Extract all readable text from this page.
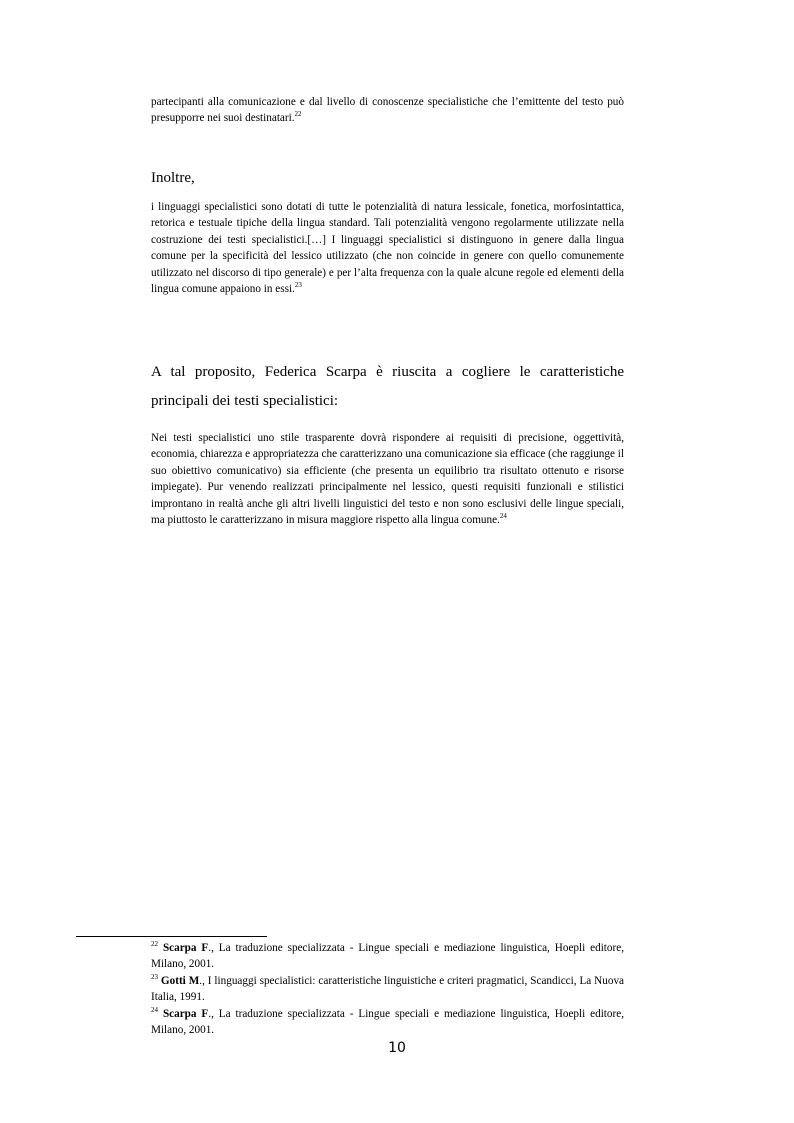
partecipanti alla comunicazione e dal livello di conoscenze specialistiche che l’emittente del testo può presupporre nei suoi destinatari.$^{22}$

Inoltre,

i linguaggi specialistici sono dotati di tutte le potenzialità di natura lessicale, fonetica, morfosintattica, retorica e testuale tipiche della lingua standard. Tali potenzialità vengono regolarmente utilizzate nella costruzione dei testi specialistici.[…] I linguaggi specialistici si distinguono in genere dalla lingua comune per la specificità del lessico utilizzato (che non coincide in genere con quello comunemente utilizzato nel discorso di tipo generale) e per l’alta frequenza con la quale alcune regole ed elementi della lingua comune appaiono in essi.$^{23}$

A tal proposito, Federica Scarpa è riuscita a cogliere le caratteristiche principali dei testi specialistici:

Nei testi specialistici uno stile trasparente dovrà rispondere ai requisiti di precisione, oggettività, economia, chiarezza e appropriatezza che caratterizzano una comunicazione sia efficace (che raggiunge il suo obiettivo comunicativo) sia efficiente (che presenta un equilibrio tra risultato ottenuto e risorse impiegate). Pur venendo realizzati principalmente nel lessico, questi requisiti funzionali e stilistici improntano in realtà anche gli altri livelli linguistici del testo e non sono esclusivi delle lingue speciali, ma piuttosto le caratterizzano in misura maggiore rispetto alla lingua comune.$^{24}$

$^{22}$ Scarpa F., La traduzione specializzata - Lingue speciali e mediazione linguistica, Hoepli editore, Milano, 2001.

$^{23}$ Gotti M., I linguaggi specialistici: caratteristiche linguistiche e criteri pragmatici, Scandicci, La Nuova Italia, 1991.

$^{24}$ Scarpa F., La traduzione specializzata - Lingue speciali e mediazione linguistica, Hoepli editore, Milano, 2001.

10
